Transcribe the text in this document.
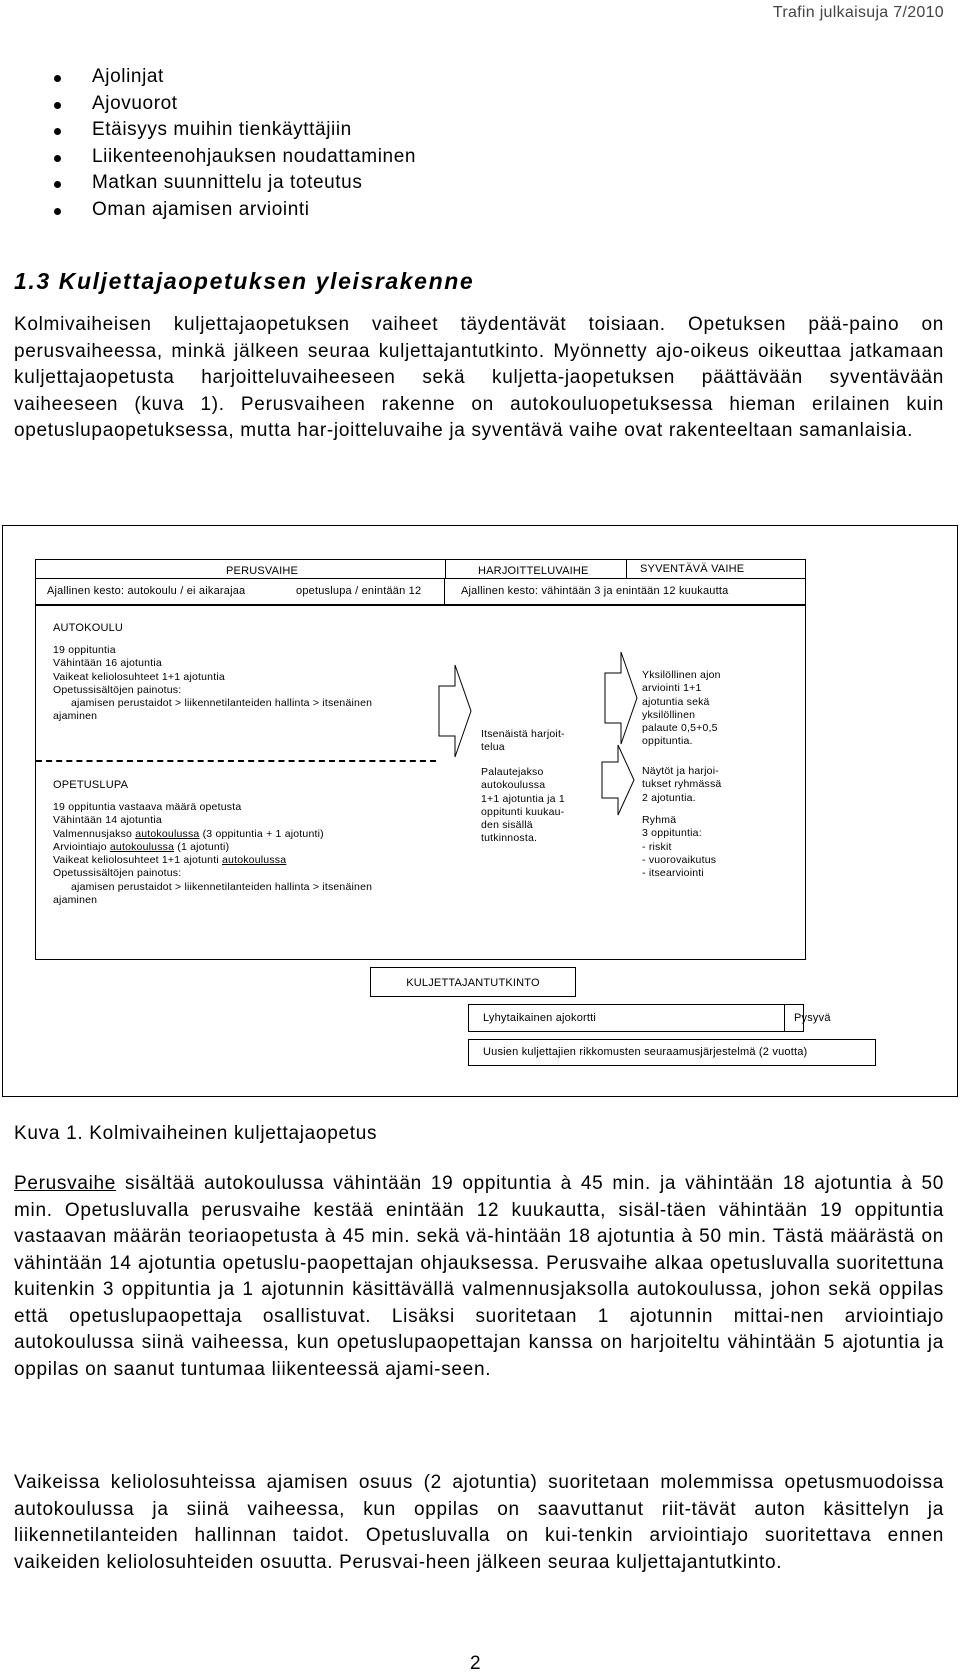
Trafin julkaisuja 7/2010
Ajolinjat
Ajovuorot
Etäisyys muihin tienkäyttäjiin
Liikenteenohjauksen noudattaminen
Matkan suunnittelu ja toteutus
Oman ajamisen arviointi
1.3 Kuljettajaopetuksen yleisrakenne

Kolmivaiheisen kuljettajaopetuksen vaiheet täydentävät toisiaan. Opetuksen pää-paino on perusvaiheessa, minkä jälkeen seuraa kuljettajantutkinto. Myönnetty ajo-oikeus oikeuttaa jatkamaan kuljettajaopetusta harjoitteluvaiheeseen sekä kuljetta-jaopetuksen päättävään syventävään vaiheeseen (kuva 1). Perusvaiheen rakenne on autokouluopetuksessa hieman erilainen kuin opetuslupaopetuksessa, mutta har-joitteluvaihe ja syventävä vaihe ovat rakenteeltaan samanlaisia.

PERUSVAIHE	HARJOITTELUVAIHE	SYVENTÄVÄ VAIHE
Ajallinen kesto: autokoulu / ei aikarajaa	opetuslupa / enintään 12	Ajallinen kesto: vähintään 3 ja enintään 12 kuukautta
AUTOKOULU
19 oppituntia
Vähintään 16 ajotuntia
Vaikeat keliolosuhteet 1+1 ajotuntia
Opetussisältöjen painotus:
ajamisen perustaidot > liikennetilanteiden hallinta > itsenäinen
ajaminen
OPETUSLUPA
19 oppituntia vastaava määrä opetusta
Vähintään 14 ajotuntia
Valmennusjakso autokoulussa (3 oppituntia + 1 ajotunti)
Arviointiajo autokoulussa (1 ajotunti)
Vaikeat keliolosuhteet 1+1 ajotunti autokoulussa
Opetussisältöjen painotus:
ajamisen perustaidot > liikennetilanteiden hallinta > itsenäinen
ajaminen
Itsenäistä harjoit-
telua
Palautejakso
autokoulussa
1+1 ajotuntia ja 1
oppitunti kuukau-
den sisällä
tutkinnosta.
Yksilöllinen ajon
arviointi 1+1
ajotuntia sekä
yksilöllinen
palaute 0,5+0,5
oppituntia.
Näytöt ja harjoi-
tukset ryhmässä
2 ajotuntia.
Ryhmä
3 oppituntia:
- riskit
- vuorovaikutus
- itsearviointi
KULJETTAJANTUTKINTO
Lyhytaikainen ajokortti	Pysyvä
Uusien kuljettajien rikkomusten seuraamusjärjestelmä (2 vuotta)
Kuva 1. Kolmivaiheinen kuljettajaopetus

Perusvaihe sisältää autokoulussa vähintään 19 oppituntia à 45 min. ja vähintään 18 ajotuntia à 50 min. Opetusluvalla perusvaihe kestää enintään 12 kuukautta, sisäl-täen vähintään 19 oppituntia vastaavan määrän teoriaopetusta à 45 min. sekä vä-hintään 18 ajotuntia à 50 min. Tästä määrästä on vähintään 14 ajotuntia opetuslu-paopettajan ohjauksessa. Perusvaihe alkaa opetusluvalla suoritettuna kuitenkin 3 oppituntia ja 1 ajotunnin käsittävällä valmennusjaksolla autokoulussa, johon sekä oppilas että opetuslupaopettaja osallistuvat. Lisäksi suoritetaan 1 ajotunnin mittai-nen arviointiajo autokoulussa siinä vaiheessa, kun opetuslupaopettajan kanssa on harjoiteltu vähintään 5 ajotuntia ja oppilas on saanut tuntumaa liikenteessä ajami-seen.

Vaikeissa keliolosuhteissa ajamisen osuus (2 ajotuntia) suoritetaan molemmissa opetusmuodoissa autokoulussa ja siinä vaiheessa, kun oppilas on saavuttanut riit-tävät auton käsittelyn ja liikennetilanteiden hallinnan taidot. Opetusluvalla on kui-tenkin arviointiajo suoritettava ennen vaikeiden keliolosuhteiden osuutta. Perusvai-heen jälkeen seuraa kuljettajantutkinto.

2
